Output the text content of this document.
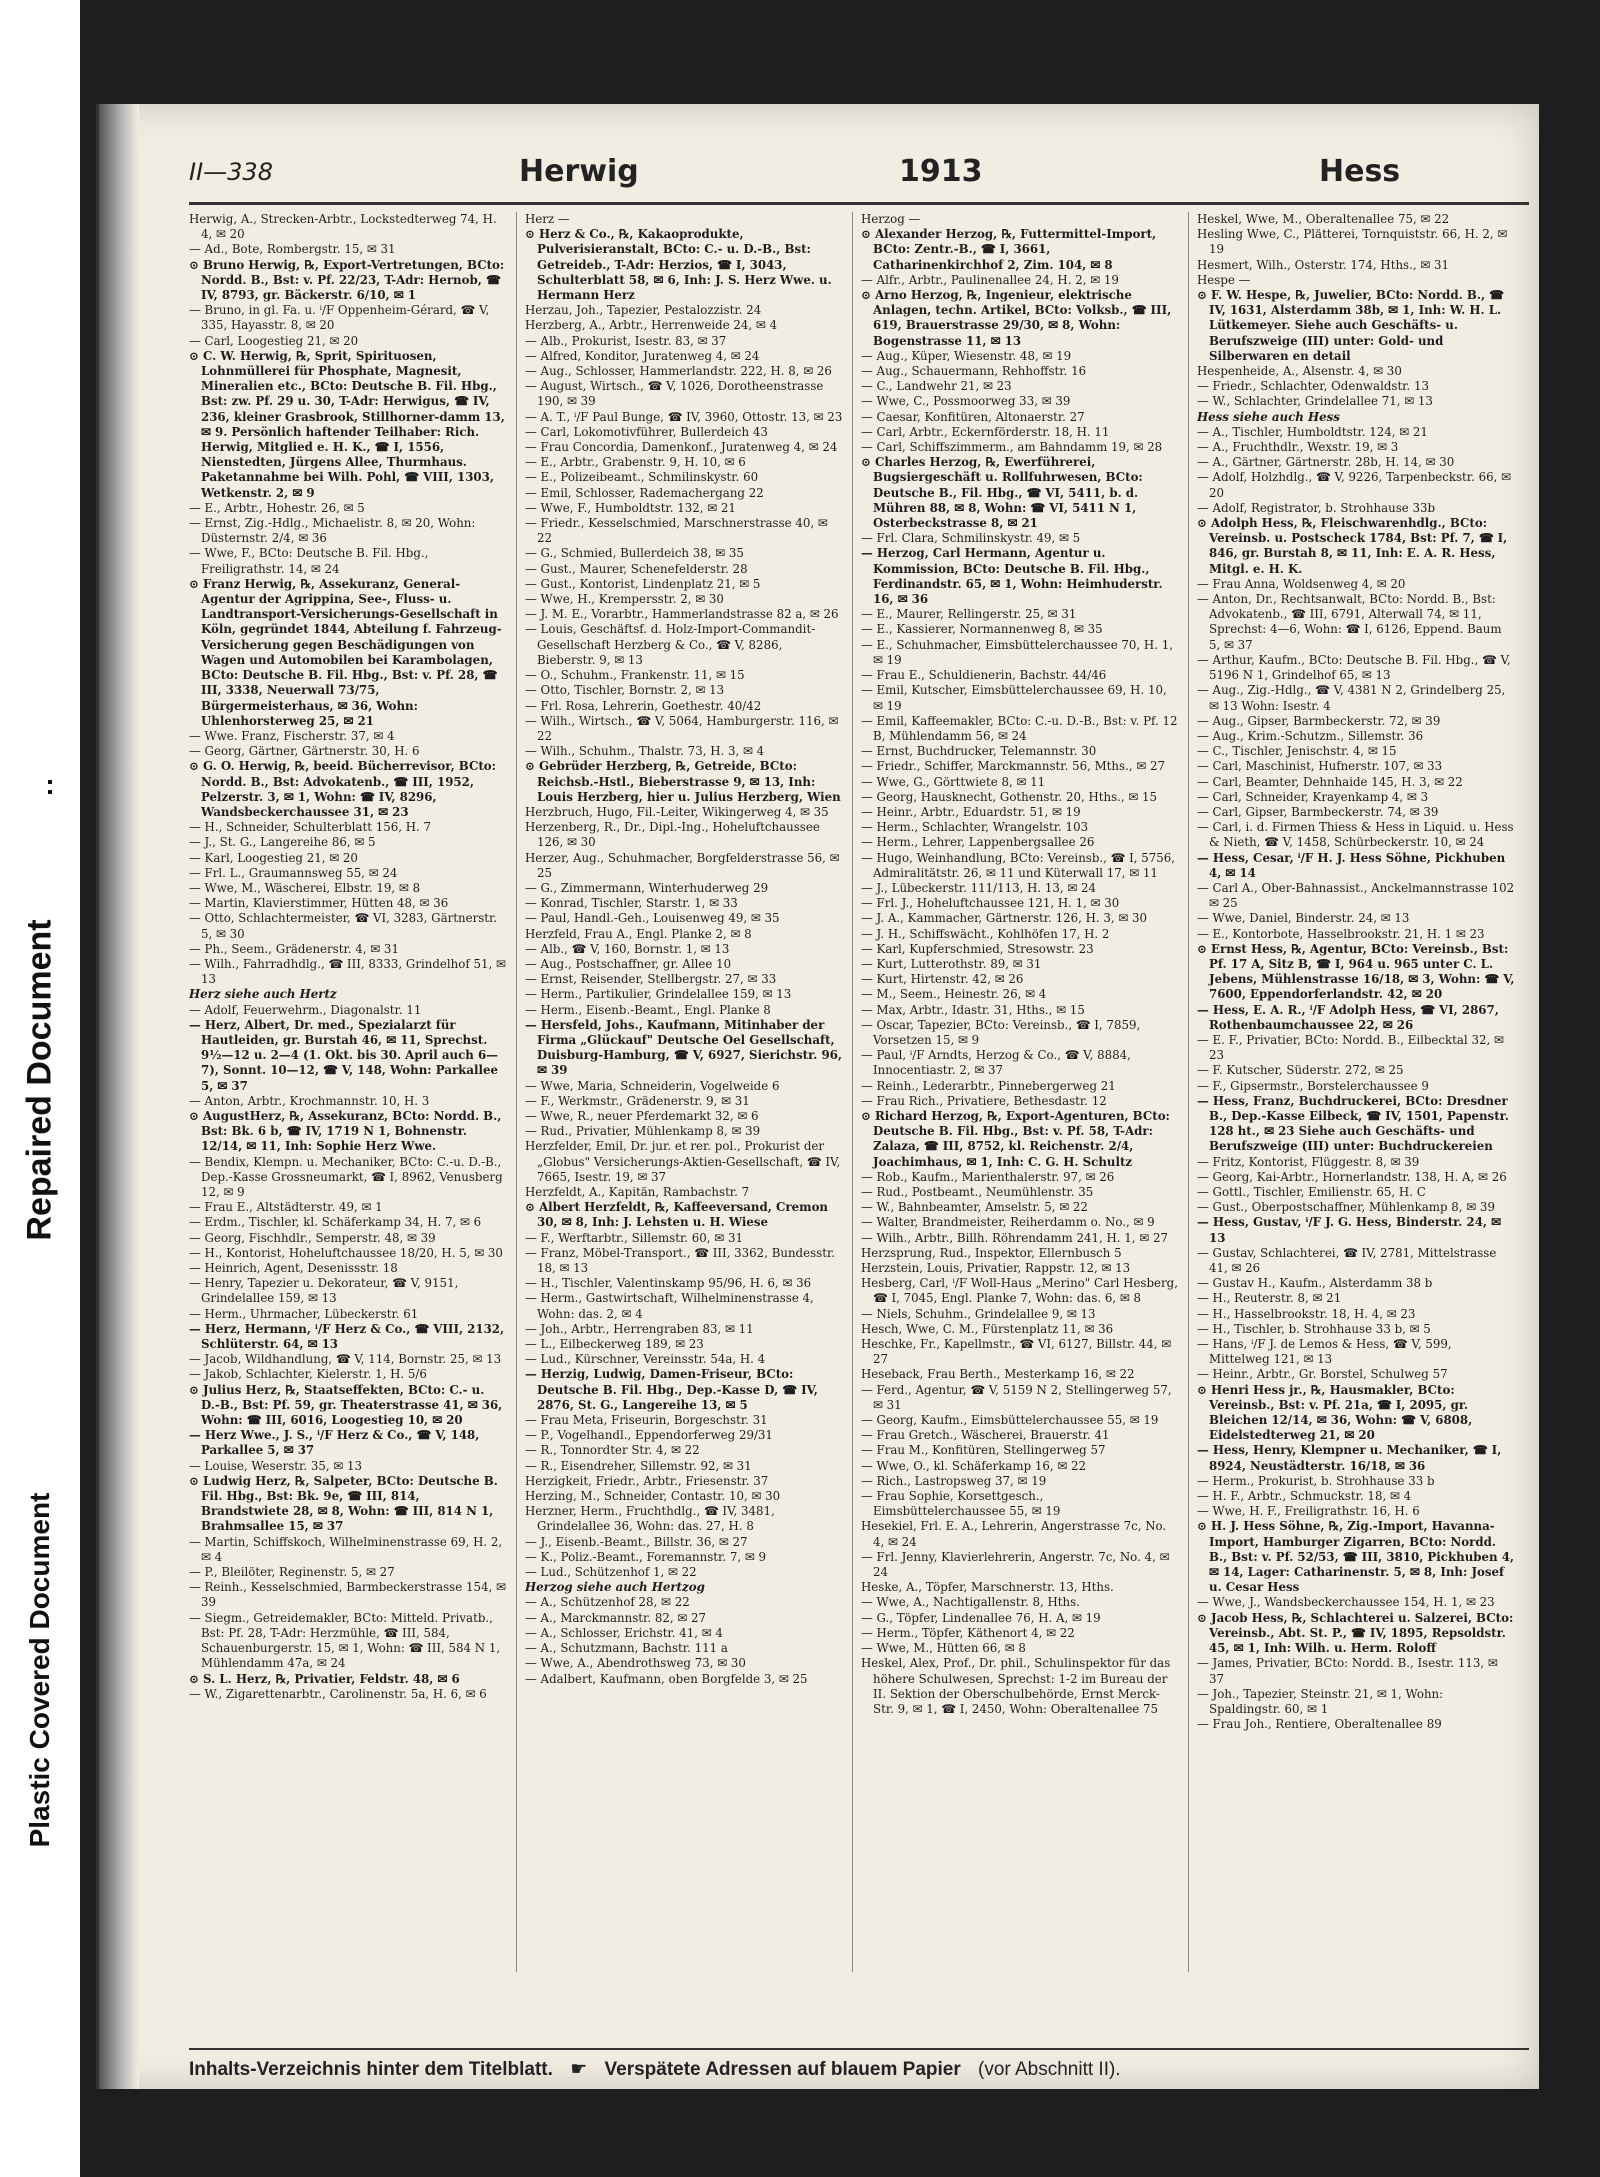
Repaired Document
Plastic Covered Document
II—338	Herwig	1913	Hess
Herwig, A., Strecken-Arbtr., Lockstedterweg 74, H. 4, ✉ 20
— Ad., Bote, Rombergstr. 15, ✉ 31
⊙ Bruno Herwig, ℞, Export-Vertretungen, BCto: Nordd. B., Bst: v. Pf. 22/23, T-Adr: Hernob, ☎ IV, 8793, gr. Bäckerstr. 6/10, ✉ 1
— Bruno, in gl. Fa. u. ⁱ/F Oppenheim-Gérard, ☎ V, 335, Hayasstr. 8, ✉ 20
— Carl, Loogestieg 21, ✉ 20
⊙ C. W. Herwig, ℞, Sprit, Spirituosen, Lohnmüllerei für Phosphate, Magnesit, Mineralien etc., BCto: Deutsche B. Fil. Hbg., Bst: zw. Pf. 29 u. 30, T-Adr: Herwigus, ☎ IV, 236, kleiner Grasbrook, Stillhorner-damm 13, ✉ 9. Persönlich haftender Teilhaber: Rich. Herwig, Mitglied e. H. K., ☎ I, 1556, Nienstedten, Jürgens Allee, Thurmhaus. Paketannahme bei Wilh. Pohl, ☎ VIII, 1303, Wetkenstr. 2, ✉ 9
— E., Arbtr., Hohestr. 26, ✉ 5
— Ernst, Zig.-Hdlg., Michaelistr. 8, ✉ 20, Wohn: Düsternstr. 2/4, ✉ 36
— Wwe, F., BCto: Deutsche B. Fil. Hbg., Freiligrathstr. 14, ✉ 24
⊙ Franz Herwig, ℞, Assekuranz, General-Agentur der Agrippina, See-, Fluss- u. Landtransport-Versicherungs-Gesellschaft in Köln, gegründet 1844, Abteilung f. Fahrzeug-Versicherung gegen Beschädigungen von Wagen und Automobilen bei Karambolagen, BCto: Deutsche B. Fil. Hbg., Bst: v. Pf. 28, ☎ III, 3338, Neuerwall 73/75, Bürgermeisterhaus, ✉ 36, Wohn: Uhlenhorsterweg 25, ✉ 21
— Wwe. Franz, Fischerstr. 37, ✉ 4
— Georg, Gärtner, Gärtnerstr. 30, H. 6
⊙ G. O. Herwig, ℞, beeid. Bücherrevisor, BCto: Nordd. B., Bst: Advokatenb., ☎ III, 1952, Pelzerstr. 3, ✉ 1, Wohn: ☎ IV, 8296, Wandsbeckerchaussee 31, ✉ 23
— H., Schneider, Schulterblatt 156, H. 7
— J., St. G., Langereihe 86, ✉ 5
— Karl, Loogestieg 21, ✉ 20
— Frl. L., Graumannsweg 55, ✉ 24
— Wwe, M., Wäscherei, Elbstr. 19, ✉ 8
— Martin, Klavierstimmer, Hütten 48, ✉ 36
— Otto, Schlachtermeister, ☎ VI, 3283, Gärtnerstr. 5, ✉ 30
— Ph., Seem., Grädenerstr. 4, ✉ 31
— Wilh., Fahrradhdlg., ☎ III, 8333, Grindelhof 51, ✉ 13
Herz siehe auch Hertz
— Adolf, Feuerwehrm., Diagonalstr. 11
— Herz, Albert, Dr. med., Spezialarzt für Hautleiden, gr. Burstah 46, ✉ 11, Sprechst. 9½—12 u. 2—4 (1. Okt. bis 30. April auch 6—7), Sonnt. 10—12, ☎ V, 148, Wohn: Parkallee 5, ✉ 37
— Anton, Arbtr., Krochmannstr. 10, H. 3
⊙ AugustHerz, ℞, Assekuranz, BCto: Nordd. B., Bst: Bk. 6 b, ☎ IV, 1719 N 1, Bohnenstr. 12/14, ✉ 11, Inh: Sophie Herz Wwe.
— Bendix, Klempn. u. Mechaniker, BCto: C.-u. D.-B., Dep.-Kasse Grossneumarkt, ☎ I, 8962, Venusberg 12, ✉ 9
— Frau E., Altstädterstr. 49, ✉ 1
— Erdm., Tischler, kl. Schäferkamp 34, H. 7, ✉ 6
— Georg, Fischhdlr., Semperstr. 48, ✉ 39
— H., Kontorist, Hoheluftchaussee 18/20, H. 5, ✉ 30
— Heinrich, Agent, Desenissstr. 18
— Henry, Tapezier u. Dekorateur, ☎ V, 9151, Grindelallee 159, ✉ 13
— Herm., Uhrmacher, Lübeckerstr. 61
— Herz, Hermann, ⁱ/F Herz & Co., ☎ VIII, 2132, Schlüterstr. 64, ✉ 13
— Jacob, Wildhandlung, ☎ V, 114, Bornstr. 25, ✉ 13
— Jakob, Schlachter, Kielerstr. 1, H. 5/6
⊙ Julius Herz, ℞, Staatseffekten, BCto: C.- u. D.-B., Bst: Pf. 59, gr. Theaterstrasse 41, ✉ 36, Wohn: ☎ III, 6016, Loogestieg 10, ✉ 20
— Herz Wwe., J. S., ⁱ/F Herz & Co., ☎ V, 148, Parkallee 5, ✉ 37
— Louise, Weserstr. 35, ✉ 13
⊙ Ludwig Herz, ℞, Salpeter, BCto: Deutsche B. Fil. Hbg., Bst: Bk. 9e, ☎ III, 814, Brandstwiete 28, ✉ 8, Wohn: ☎ III, 814 N 1, Brahmsallee 15, ✉ 37
— Martin, Schiffskoch, Wilhelminenstrasse 69, H. 2, ✉ 4
— P., Bleilöter, Reginenstr. 5, ✉ 27
— Reinh., Kesselschmied, Barmbeckerstrasse 154, ✉ 39
— Siegm., Getreidemakler, BCto: Mitteld. Privatb., Bst: Pf. 28, T-Adr: Herzmühle, ☎ III, 584, Schauenburgerstr. 15, ✉ 1, Wohn: ☎ III, 584 N 1, Mühlendamm 47a, ✉ 24
⊙ S. L. Herz, ℞, Privatier, Feldstr. 48, ✉ 6
— W., Zigarettenarbtr., Carolinenstr. 5a, H. 6, ✉ 6
Herz —
⊙ Herz & Co., ℞, Kakaoprodukte, Pulverisieranstalt, BCto: C.- u. D.-B., Bst: Getreideb., T-Adr: Herzios, ☎ I, 3043, Schulterblatt 58, ✉ 6, Inh: J. S. Herz Wwe. u. Hermann Herz
Herzau, Joh., Tapezier, Pestalozzistr. 24
Herzberg, A., Arbtr., Herrenweide 24, ✉ 4
— Alb., Prokurist, Isestr. 83, ✉ 37
— Alfred, Konditor, Juratenweg 4, ✉ 24
— Aug., Schlosser, Hammerlandstr. 222, H. 8, ✉ 26
— August, Wirtsch., ☎ V, 1026, Dorotheenstrasse 190, ✉ 39
— A. T., ⁱ/F Paul Bunge, ☎ IV, 3960, Ottostr. 13, ✉ 23
— Carl, Lokomotivführer, Bullerdeich 43
— Frau Concordia, Damenkonf., Juratenweg 4, ✉ 24
— E., Arbtr., Grabenstr. 9, H. 10, ✉ 6
— E., Polizeibeamt., Schmilinskystr. 60
— Emil, Schlosser, Rademachergang 22
— Wwe, F., Humboldtstr. 132, ✉ 21
— Friedr., Kesselschmied, Marschnerstrasse 40, ✉ 22
— G., Schmied, Bullerdeich 38, ✉ 35
— Gust., Maurer, Schenefelderstr. 28
— Gust., Kontorist, Lindenplatz 21, ✉ 5
— Wwe, H., Krempersstr. 2, ✉ 30
— J. M. E., Vorarbtr., Hammerlandstrasse 82 a, ✉ 26
— Louis, Geschäftsf. d. Holz-Import-Commandit-Gesellschaft Herzberg & Co., ☎ V, 8286, Bieberstr. 9, ✉ 13
— O., Schuhm., Frankenstr. 11, ✉ 15
— Otto, Tischler, Bornstr. 2, ✉ 13
— Frl. Rosa, Lehrerin, Goethestr. 40/42
— Wilh., Wirtsch., ☎ V, 5064, Hamburgerstr. 116, ✉ 22
— Wilh., Schuhm., Thalstr. 73, H. 3, ✉ 4
⊙ Gebrüder Herzberg, ℞, Getreide, BCto: Reichsb.-Hstl., Bieberstrasse 9, ✉ 13, Inh: Louis Herzberg, hier u. Julius Herzberg, Wien
Herzbruch, Hugo, Fil.-Leiter, Wikingerweg 4, ✉ 35
Herzenberg, R., Dr., Dipl.-Ing., Hoheluftchaussee 126, ✉ 30
Herzer, Aug., Schuhmacher, Borgfelderstrasse 56, ✉ 25
— G., Zimmermann, Winterhuderweg 29
— Konrad, Tischler, Starstr. 1, ✉ 33
— Paul, Handl.-Geh., Louisenweg 49, ✉ 35
Herzfeld, Frau A., Engl. Planke 2, ✉ 8
— Alb., ☎ V, 160, Bornstr. 1, ✉ 13
— Aug., Postschaffner, gr. Allee 10
— Ernst, Reisender, Stellbergstr. 27, ✉ 33
— Herm., Partikulier, Grindelallee 159, ✉ 13
— Herm., Eisenb.-Beamt., Engl. Planke 8
— Hersfeld, Johs., Kaufmann, Mitinhaber der Firma „Glückauf" Deutsche Oel Gesellschaft, Duisburg-Hamburg, ☎ V, 6927, Sierichstr. 96, ✉ 39
— Wwe, Maria, Schneiderin, Vogelweide 6
— F., Werkmstr., Grädenerstr. 9, ✉ 31
— Wwe, R., neuer Pferdemarkt 32, ✉ 6
— Rud., Privatier, Mühlenkamp 8, ✉ 39
Herzfelder, Emil, Dr. jur. et rer. pol., Prokurist der „Globus" Versicherungs-Aktien-Gesellschaft, ☎ IV, 7665, Isestr. 19, ✉ 37
Herzfeldt, A., Kapitän, Rambachstr. 7
⊙ Albert Herzfeldt, ℞, Kaffeeversand, Cremon 30, ✉ 8, Inh: J. Lehsten u. H. Wiese
— F., Werftarbtr., Sillemstr. 60, ✉ 31
— Franz, Möbel-Transport., ☎ III, 3362, Bundesstr. 18, ✉ 13
— H., Tischler, Valentinskamp 95/96, H. 6, ✉ 36
— Herm., Gastwirtschaft, Wilhelminenstrasse 4, Wohn: das. 2, ✉ 4
— Joh., Arbtr., Herrengraben 83, ✉ 11
— L., Eilbeckerweg 189, ✉ 23
— Lud., Kürschner, Vereinsstr. 54a, H. 4
— Herzig, Ludwig, Damen-Friseur, BCto: Deutsche B. Fil. Hbg., Dep.-Kasse D, ☎ IV, 2876, St. G., Langereihe 13, ✉ 5
— Frau Meta, Friseurin, Borgeschstr. 31
— P., Vogelhandl., Eppendorferweg 29/31
— R., Tonnordter Str. 4, ✉ 22
— R., Eisendreher, Sillemstr. 92, ✉ 31
Herzigkeit, Friedr., Arbtr., Friesenstr. 37
Herzing, M., Schneider, Contastr. 10, ✉ 30
Herzner, Herm., Fruchthdlg., ☎ IV, 3481, Grindelallee 36, Wohn: das. 27, H. 8
— J., Eisenb.-Beamt., Billstr. 36, ✉ 27
— K., Poliz.-Beamt., Foremannstr. 7, ✉ 9
— Lud., Schützenhof 1, ✉ 22
Herzog siehe auch Hertzog
— A., Schützenhof 28, ✉ 22
— A., Marckmannstr. 82, ✉ 27
— A., Schlosser, Erichstr. 41, ✉ 4
— A., Schutzmann, Bachstr. 111 a
— Wwe, A., Abendrothsweg 73, ✉ 30
— Adalbert, Kaufmann, oben Borgfelde 3, ✉ 25
Herzog —
⊙ Alexander Herzog, ℞, Futtermittel-Import, BCto: Zentr.-B., ☎ I, 3661, Catharinenkirchhof 2, Zim. 104, ✉ 8
— Alfr., Arbtr., Paulinenallee 24, H. 2, ✉ 19
⊙ Arno Herzog, ℞, Ingenieur, elektrische Anlagen, techn. Artikel, BCto: Volksb., ☎ III, 619, Brauerstrasse 29/30, ✉ 8, Wohn: Bogenstrasse 11, ✉ 13
— Aug., Küper, Wiesenstr. 48, ✉ 19
— Aug., Schauermann, Rehhoffstr. 16
— C., Landwehr 21, ✉ 23
— Wwe, C., Possmoorweg 33, ✉ 39
— Caesar, Konfitüren, Altonaerstr. 27
— Carl, Arbtr., Eckernförderstr. 18, H. 11
— Carl, Schiffszimmerm., am Bahndamm 19, ✉ 28
⊙ Charles Herzog, ℞, Ewerführerei, Bugsiergeschäft u. Rollfuhrwesen, BCto: Deutsche B., Fil. Hbg., ☎ VI, 5411, b. d. Mühren 88, ✉ 8, Wohn: ☎ VI, 5411 N 1, Osterbeckstrasse 8, ✉ 21
— Frl. Clara, Schmilinskystr. 49, ✉ 5
— Herzog, Carl Hermann, Agentur u. Kommission, BCto: Deutsche B. Fil. Hbg., Ferdinandstr. 65, ✉ 1, Wohn: Heimhuderstr. 16, ✉ 36
— E., Maurer, Rellingerstr. 25, ✉ 31
— E., Kassierer, Normannenweg 8, ✉ 35
— E., Schuhmacher, Eimsbüttelerchaussee 70, H. 1, ✉ 19
— Frau E., Schuldienerin, Bachstr. 44/46
— Emil, Kutscher, Eimsbüttelerchaussee 69, H. 10, ✉ 19
— Emil, Kaffeemakler, BCto: C.-u. D.-B., Bst: v. Pf. 12 B, Mühlendamm 56, ✉ 24
— Ernst, Buchdrucker, Telemannstr. 30
— Friedr., Schiffer, Marckmannstr. 56, Mths., ✉ 27
— Wwe, G., Görttwiete 8, ✉ 11
— Georg, Hausknecht, Gothenstr. 20, Hths., ✉ 15
— Heinr., Arbtr., Eduardstr. 51, ✉ 19
— Herm., Schlachter, Wrangelstr. 103
— Herm., Lehrer, Lappenbergsallee 26
— Hugo, Weinhandlung, BCto: Vereinsb., ☎ I, 5756, Admiralitätstr. 26, ✉ 11 und Küterwall 17, ✉ 11
— J., Lübeckerstr. 111/113, H. 13, ✉ 24
— Frl. J., Hoheluftchaussee 121, H. 1, ✉ 30
— J. A., Kammacher, Gärtnerstr. 126, H. 3, ✉ 30
— J. H., Schiffswächt., Kohlhöfen 17, H. 2
— Karl, Kupferschmied, Stresowstr. 23
— Kurt, Lutterothstr. 89, ✉ 31
— Kurt, Hirtenstr. 42, ✉ 26
— M., Seem., Heinestr. 26, ✉ 4
— Max, Arbtr., Idastr. 31, Hths., ✉ 15
— Oscar, Tapezier, BCto: Vereinsb., ☎ I, 7859, Vorsetzen 15, ✉ 9
— Paul, ⁱ/F Arndts, Herzog & Co., ☎ V, 8884, Innocentiastr. 2, ✉ 37
— Reinh., Lederarbtr., Pinnebergerweg 21
— Frau Rich., Privatiere, Bethesdastr. 12
⊙ Richard Herzog, ℞, Export-Agenturen, BCto: Deutsche B. Fil. Hbg., Bst: v. Pf. 58, T-Adr: Zalaza, ☎ III, 8752, kl. Reichenstr. 2/4, Joachimhaus, ✉ 1, Inh: C. G. H. Schultz
— Rob., Kaufm., Marienthalerstr. 97, ✉ 26
— Rud., Postbeamt., Neumühlenstr. 35
— W., Bahnbeamter, Amselstr. 5, ✉ 22
— Walter, Brandmeister, Reiherdamm o. No., ✉ 9
— Wilh., Arbtr., Billh. Röhrendamm 241, H. 1, ✉ 27
Herzsprung, Rud., Inspektor, Ellernbusch 5
Herzstein, Louis, Privatier, Rappstr. 12, ✉ 13
Hesberg, Carl, ⁱ/F Woll-Haus „Merino" Carl Hesberg, ☎ I, 7045, Engl. Planke 7, Wohn: das. 6, ✉ 8
— Niels, Schuhm., Grindelallee 9, ✉ 13
Hesch, Wwe, C. M., Fürstenplatz 11, ✉ 36
Heschke, Fr., Kapellmstr., ☎ VI, 6127, Billstr. 44, ✉ 27
Heseback, Frau Berth., Mesterkamp 16, ✉ 22
— Ferd., Agentur, ☎ V, 5159 N 2, Stellingerweg 57, ✉ 31
— Georg, Kaufm., Eimsbüttelerchaussee 55, ✉ 19
— Frau Gretch., Wäscherei, Brauerstr. 41
— Frau M., Konfitüren, Stellingerweg 57
— Wwe, O., kl. Schäferkamp 16, ✉ 22
— Rich., Lastropsweg 37, ✉ 19
— Frau Sophie, Korsettgesch., Eimsbüttelerchaussee 55, ✉ 19
Hesekiel, Frl. E. A., Lehrerin, Angerstrasse 7c, No. 4, ✉ 24
— Frl. Jenny, Klavierlehrerin, Angerstr. 7c, No. 4, ✉ 24
Heske, A., Töpfer, Marschnerstr. 13, Hths.
— Wwe, A., Nachtigallenstr. 8, Hths.
— G., Töpfer, Lindenallee 76, H. A, ✉ 19
— Herm., Töpfer, Käthenort 4, ✉ 22
— Wwe, M., Hütten 66, ✉ 8
Heskel, Alex, Prof., Dr. phil., Schulinspektor für das höhere Schulwesen, Sprechst: 1-2 im Bureau der II. Sektion der Oberschulbehörde, Ernst Merck-Str. 9, ✉ 1, ☎ I, 2450, Wohn: Oberaltenallee 75
Heskel, Wwe, M., Oberaltenallee 75, ✉ 22
Hesling Wwe, C., Plätterei, Tornquiststr. 66, H. 2, ✉ 19
Hesmert, Wilh., Osterstr. 174, Hths., ✉ 31
Hespe —
⊙ F. W. Hespe, ℞, Juwelier, BCto: Nordd. B., ☎ IV, 1631, Alsterdamm 38b, ✉ 1, Inh: W. H. L. Lütkemeyer. Siehe auch Geschäfts- u. Berufszweige (III) unter: Gold- und Silberwaren en detail
Hespenheide, A., Alsenstr. 4, ✉ 30
— Friedr., Schlachter, Odenwaldstr. 13
— W., Schlachter, Grindelallee 71, ✉ 13
Hess siehe auch Hess
— A., Tischler, Humboldtstr. 124, ✉ 21
— A., Fruchthdlr., Wexstr. 19, ✉ 3
— A., Gärtner, Gärtnerstr. 28b, H. 14, ✉ 30
— Adolf, Holzhdlg., ☎ V, 9226, Tarpenbeckstr. 66, ✉ 20
— Adolf, Registrator, b. Strohhause 33b
⊙ Adolph Hess, ℞, Fleischwarenhdlg., BCto: Vereinsb. u. Postscheck 1784, Bst: Pf. 7, ☎ I, 846, gr. Burstah 8, ✉ 11, Inh: E. A. R. Hess, Mitgl. e. H. K.
— Frau Anna, Woldsenweg 4, ✉ 20
— Anton, Dr., Rechtsanwalt, BCto: Nordd. B., Bst: Advokatenb., ☎ III, 6791, Alterwall 74, ✉ 11, Sprechst: 4—6, Wohn: ☎ I, 6126, Eppend. Baum 5, ✉ 37
— Arthur, Kaufm., BCto: Deutsche B. Fil. Hbg., ☎ V, 5196 N 1, Grindelhof 65, ✉ 13
— Aug., Zig.-Hdlg., ☎ V, 4381 N 2, Grindelberg 25, ✉ 13 Wohn: Isestr. 4
— Aug., Gipser, Barmbeckerstr. 72, ✉ 39
— Aug., Krim.-Schutzm., Sillemstr. 36
— C., Tischler, Jenischstr. 4, ✉ 15
— Carl, Maschinist, Hufnerstr. 107, ✉ 33
— Carl, Beamter, Dehnhaide 145, H. 3, ✉ 22
— Carl, Schneider, Krayenkamp 4, ✉ 3
— Carl, Gipser, Barmbeckerstr. 74, ✉ 39
— Carl, i. d. Firmen Thiess & Hess in Liquid. u. Hess & Nieth, ☎ V, 1458, Schürbeckerstr. 10, ✉ 24
— Hess, Cesar, ⁱ/F H. J. Hess Söhne, Pickhuben 4, ✉ 14
— Carl A., Ober-Bahnassist., Anckelmannstrasse 102 ✉ 25
— Wwe, Daniel, Binderstr. 24, ✉ 13
— E., Kontorbote, Hasselbrookstr. 21, H. 1 ✉ 23
⊙ Ernst Hess, ℞, Agentur, BCto: Vereinsb., Bst: Pf. 17 A, Sitz B, ☎ I, 964 u. 965 unter C. L. Jebens, Mühlenstrasse 16/18, ✉ 3, Wohn: ☎ V, 7600, Eppendorferlandstr. 42, ✉ 20
— Hess, E. A. R., ⁱ/F Adolph Hess, ☎ VI, 2867, Rothenbaumchaussee 22, ✉ 26
— E. F., Privatier, BCto: Nordd. B., Eilbecktal 32, ✉ 23
— F. Kutscher, Süderstr. 272, ✉ 25
— F., Gipsermstr., Borstelerchaussee 9
— Hess, Franz, Buchdruckerei, BCto: Dresdner B., Dep.-Kasse Eilbeck, ☎ IV, 1501, Papenstr. 128 ht., ✉ 23 Siehe auch Geschäfts- und Berufszweige (III) unter: Buchdruckereien
— Fritz, Kontorist, Flüggestr. 8, ✉ 39
— Georg, Kai-Arbtr., Hornerlandstr. 138, H. A, ✉ 26
— Gottl., Tischler, Emilienstr. 65, H. C
— Gust., Oberpostschaffner, Mühlenkamp 8, ✉ 39
— Hess, Gustav, ⁱ/F J. G. Hess, Binderstr. 24, ✉ 13
— Gustav, Schlachterei, ☎ IV, 2781, Mittelstrasse 41, ✉ 26
— Gustav H., Kaufm., Alsterdamm 38 b
— H., Reuterstr. 8, ✉ 21
— H., Hasselbrookstr. 18, H. 4, ✉ 23
— H., Tischler, b. Strohhause 33 b, ✉ 5
— Hans, ⁱ/F J. de Lemos & Hess, ☎ V, 599, Mittelweg 121, ✉ 13
— Heinr., Arbtr., Gr. Borstel, Schulweg 57
⊙ Henri Hess jr., ℞, Hausmakler, BCto: Vereinsb., Bst: v. Pf. 21a, ☎ I, 2095, gr. Bleichen 12/14, ✉ 36, Wohn: ☎ V, 6808, Eidelstedterweg 21, ✉ 20
— Hess, Henry, Klempner u. Mechaniker, ☎ I, 8924, Neustädterstr. 16/18, ✉ 36
— Herm., Prokurist, b. Strohhause 33 b
— H. F., Arbtr., Schmuckstr. 18, ✉ 4
— Wwe, H. F., Freiligrathstr. 16, H. 6
⊙ H. J. Hess Söhne, ℞, Zig.-Import, Havanna-Import, Hamburger Zigarren, BCto: Nordd. B., Bst: v. Pf. 52/53, ☎ III, 3810, Pickhuben 4, ✉ 14, Lager: Catharinenstr. 5, ✉ 8, Inh: Josef u. Cesar Hess
— Wwe, J., Wandsbeckerchaussee 154, H. 1, ✉ 23
⊙ Jacob Hess, ℞, Schlachterei u. Salzerei, BCto: Vereinsb., Abt. St. P., ☎ IV, 1895, Repsoldstr. 45, ✉ 1, Inh: Wilh. u. Herm. Roloff
— James, Privatier, BCto: Nordd. B., Isestr. 113, ✉ 37
— Joh., Tapezier, Steinstr. 21, ✉ 1, Wohn: Spaldingstr. 60, ✉ 1
— Frau Joh., Rentiere, Oberaltenallee 89
Inhalts-Verzeichnis hinter dem Titelblatt. ☛ Verspätete Adressen auf blauem Papier (vor Abschnitt II).
